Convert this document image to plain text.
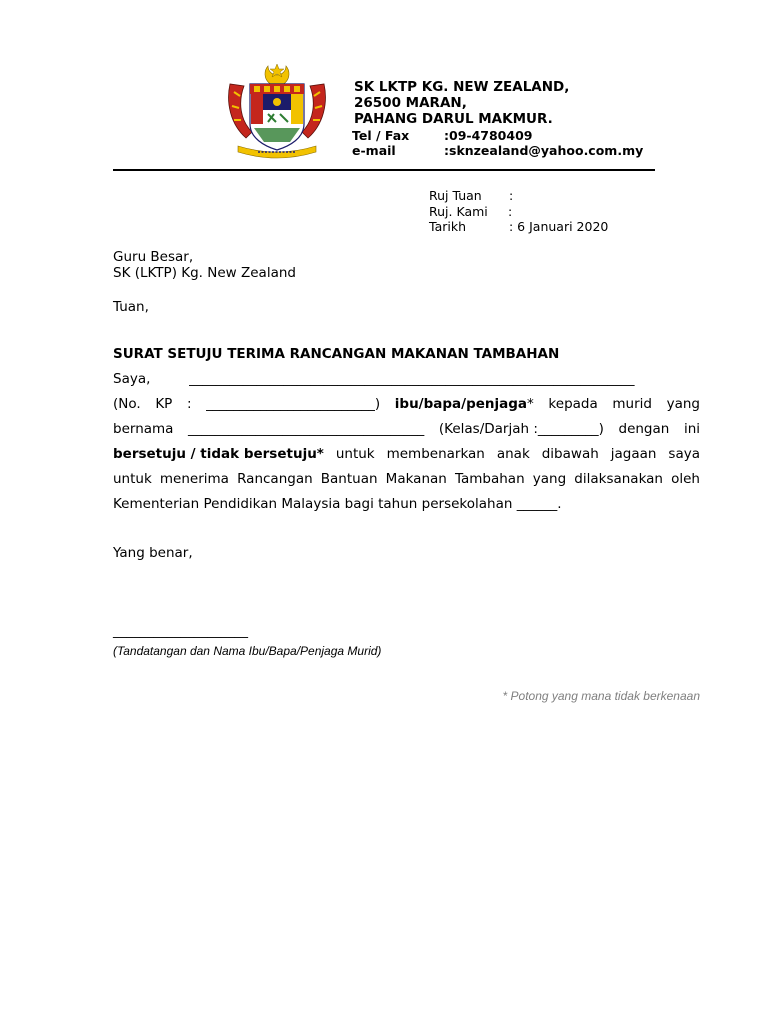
SK LKTP KG. NEW ZEALAND,
26500 MARAN,
PAHANG DARUL MAKMUR.
Tel / Fax	:09-4780409
e-mail	:sknzealand@yahoo.com.my
Ruj Tuan	:
Ruj. Kami	:
Tarikh	: 6 Januari 2020
Guru Besar,
SK (LKTP) Kg. New Zealand
Tuan,
SURAT SETUJU TERIMA RANCANGAN MAKANAN TAMBAHAN
Saya,	__________________________________________________________________
(No. KP : _________________________) ibu/bapa/penjaga* kepada murid yang
bernama ___________________________________ (Kelas/Darjah :_________) dengan ini
bersetuju / tidak bersetuju* untuk membenarkan anak dibawah jagaan saya
untuk menerima Rancangan Bantuan Makanan Tambahan yang dilaksanakan oleh
Kementerian Pendidikan Malaysia bagi tahun persekolahan ______.
Yang benar,
____________________
(Tandatangan dan Nama Ibu/Bapa/Penjaga Murid)
* Potong yang mana tidak berkenaan
